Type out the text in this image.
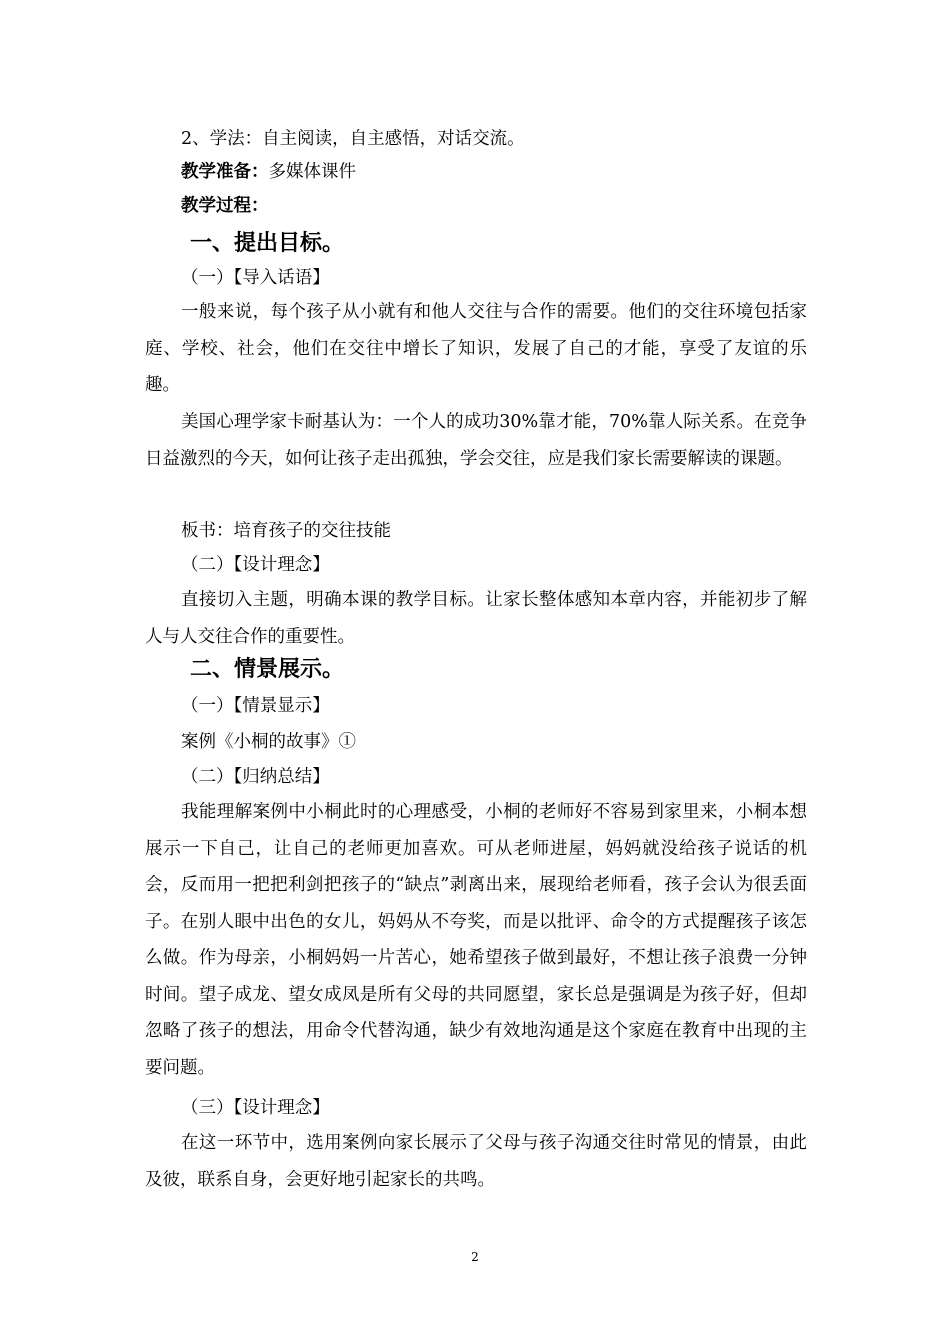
2、学法：自主阅读，自主感悟，对话交流。
教学准备：多媒体课件
教学过程：
一、提出目标。
（一）【导入话语】
一般来说，每个孩子从小就有和他人交往与合作的需要。他们的交往环境包括家庭、学校、社会，他们在交往中增长了知识，发展了自己的才能，享受了友谊的乐趣。
美国心理学家卡耐基认为：一个人的成功30%靠才能，70%靠人际关系。在竞争日益激烈的今天，如何让孩子走出孤独，学会交往，应是我们家长需要解读的课题。
板书：培育孩子的交往技能
（二）【设计理念】
直接切入主题，明确本课的教学目标。让家长整体感知本章内容，并能初步了解人与人交往合作的重要性。
二、情景展示。
（一）【情景显示】
案例《小桐的故事》①
（二）【归纳总结】
我能理解案例中小桐此时的心理感受，小桐的老师好不容易到家里来，小桐本想展示一下自己，让自己的老师更加喜欢。可从老师进屋，妈妈就没给孩子说话的机会，反而用一把把利剑把孩子的“缺点”剥离出来，展现给老师看，孩子会认为很丢面子。在别人眼中出色的女儿，妈妈从不夸奖，而是以批评、命令的方式提醒孩子该怎么做。作为母亲，小桐妈妈一片苦心，她希望孩子做到最好，不想让孩子浪费一分钟时间。望子成龙、望女成凤是所有父母的共同愿望，家长总是强调是为孩子好，但却忽略了孩子的想法，用命令代替沟通，缺少有效地沟通是这个家庭在教育中出现的主要问题。
（三）【设计理念】
在这一环节中，选用案例向家长展示了父母与孩子沟通交往时常见的情景，由此及彼，联系自身，会更好地引起家长的共鸣。
2
